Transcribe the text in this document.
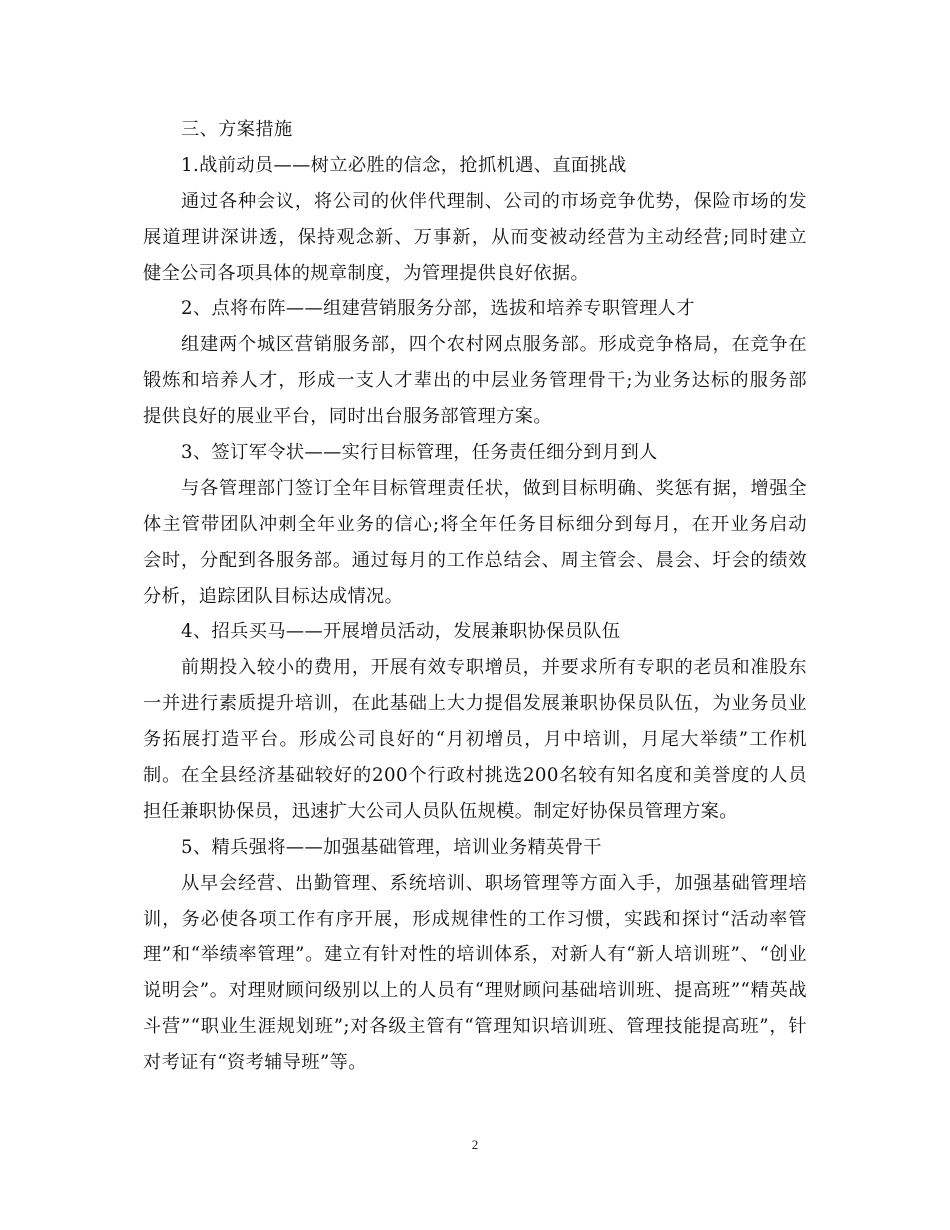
三、方案措施
1.战前动员——树立必胜的信念，抢抓机遇、直面挑战
通过各种会议，将公司的伙伴代理制、公司的市场竞争优势，保险市场的发
展道理讲深讲透，保持观念新、万事新，从而变被动经营为主动经营;同时建立
健全公司各项具体的规章制度，为管理提供良好依据。
2、点将布阵——组建营销服务分部，选拔和培养专职管理人才
组建两个城区营销服务部，四个农村网点服务部。形成竞争格局，在竞争在
锻炼和培养人才，形成一支人才辈出的中层业务管理骨干;为业务达标的服务部
提供良好的展业平台，同时出台服务部管理方案。
3、签订军令状——实行目标管理，任务责任细分到月到人
与各管理部门签订全年目标管理责任状，做到目标明确、奖惩有据，增强全
体主管带团队冲刺全年业务的信心;将全年任务目标细分到每月，在开业务启动
会时，分配到各服务部。通过每月的工作总结会、周主管会、晨会、圩会的绩效
分析，追踪团队目标达成情况。
4、招兵买马——开展增员活动，发展兼职协保员队伍
前期投入较小的费用，开展有效专职增员，并要求所有专职的老员和准股东
一并进行素质提升培训，在此基础上大力提倡发展兼职协保员队伍，为业务员业
务拓展打造平台。形成公司良好的“月初增员，月中培训，月尾大举绩”工作机
制。在全县经济基础较好的200个行政村挑选200名较有知名度和美誉度的人员
担任兼职协保员，迅速扩大公司人员队伍规模。制定好协保员管理方案。
5、精兵强将——加强基础管理，培训业务精英骨干
从早会经营、出勤管理、系统培训、职场管理等方面入手，加强基础管理培
训，务必使各项工作有序开展，形成规律性的工作习惯，实践和探讨“活动率管
理”和“举绩率管理”。建立有针对性的培训体系，对新人有“新人培训班”、“创业
说明会”。对理财顾问级别以上的人员有“理财顾问基础培训班、提高班”“精英战
斗营”“职业生涯规划班”;对各级主管有“管理知识培训班、管理技能提高班”，针
对考证有“资考辅导班”等。
2
